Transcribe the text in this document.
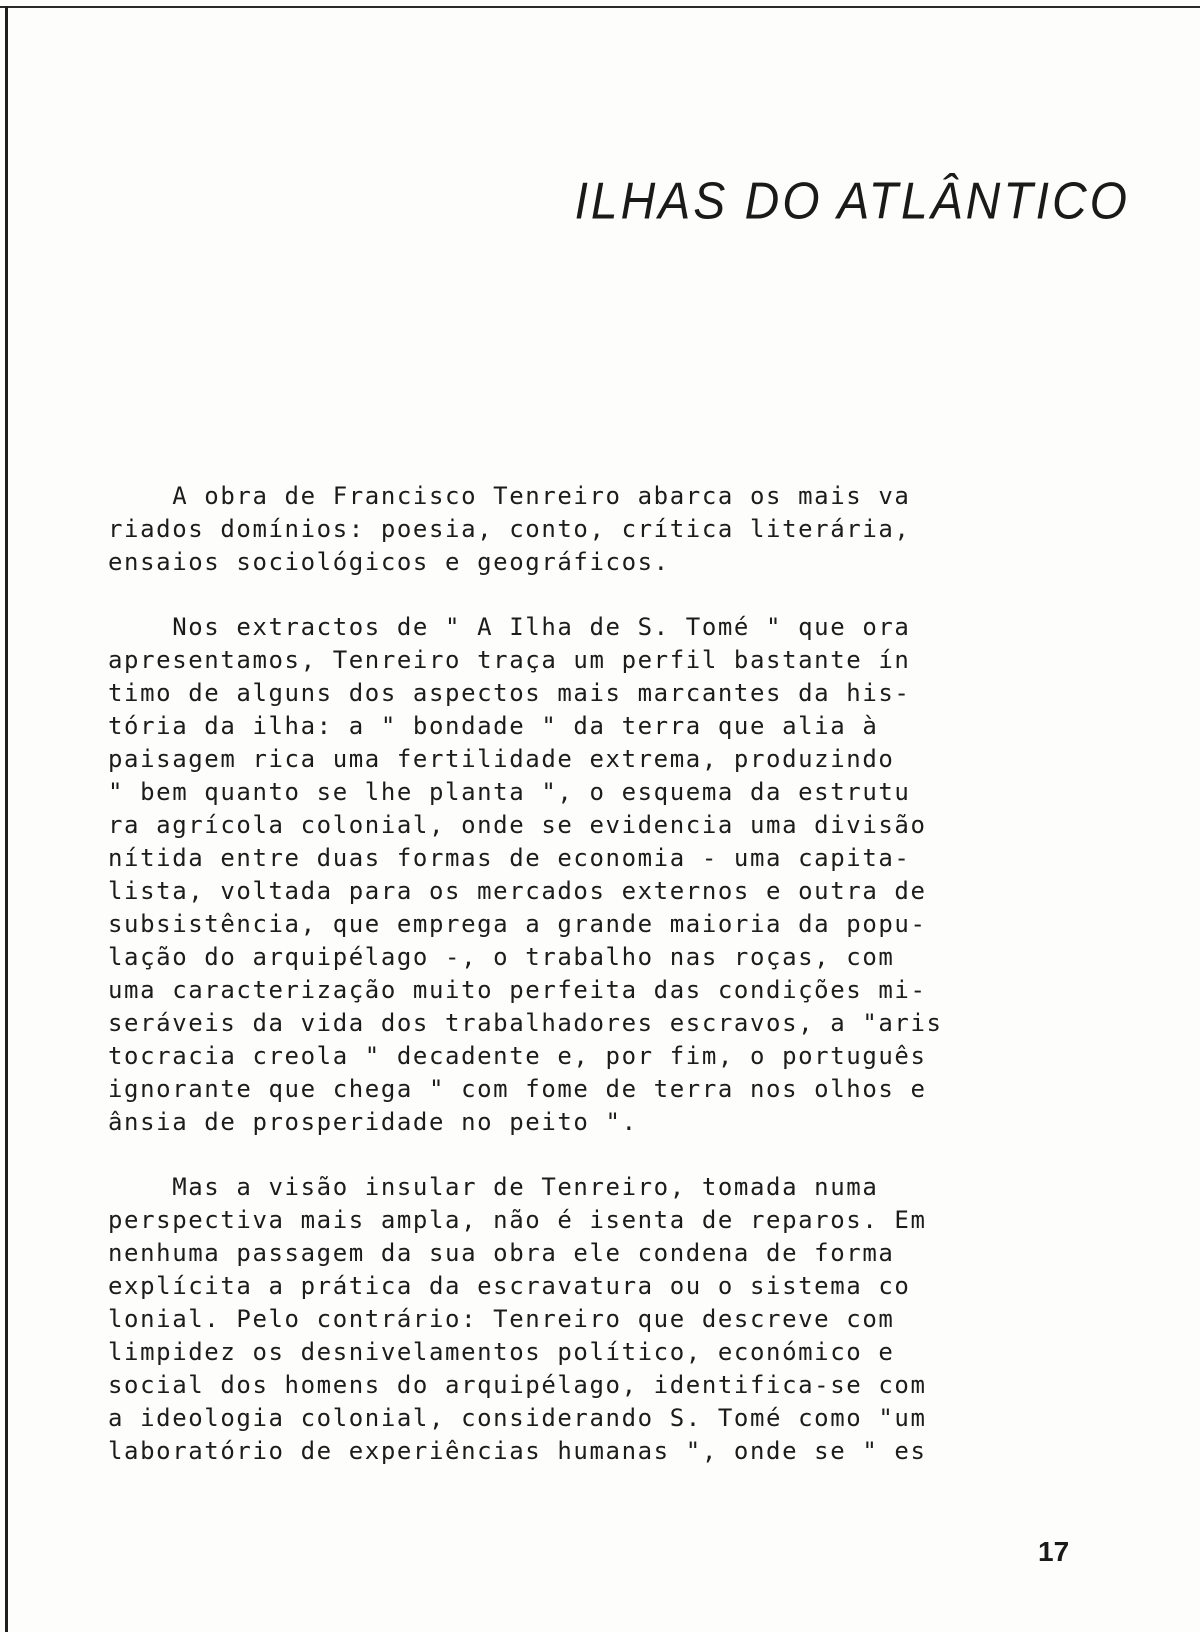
ILHAS DO ATLÂNTICO
A obra de Francisco Tenreiro abarca os mais va
riados domínios: poesia, conto, crítica literária,
ensaios sociológicos e geográficos.
Nos extractos de " A Ilha de S. Tomé " que ora
apresentamos, Tenreiro traça um perfil bastante ín
timo de alguns dos aspectos mais marcantes da his-
tória da ilha: a " bondade " da terra que alia à
paisagem rica uma fertilidade extrema, produzindo
" bem quanto se lhe planta ", o esquema da estrutu
ra agrícola colonial, onde se evidencia uma divisão
nítida entre duas formas de economia - uma capita-
lista, voltada para os mercados externos e outra de
subsistência, que emprega a grande maioria da popu-
lação do arquipélago -, o trabalho nas roças, com
uma caracterização muito perfeita das condições mi-
seráveis da vida dos trabalhadores escravos, a "aris
tocracia creola " decadente e, por fim, o português
ignorante que chega " com fome de terra nos olhos e
ânsia de prosperidade no peito ".
Mas a visão insular de Tenreiro, tomada numa
perspectiva mais ampla, não é isenta de reparos. Em
nenhuma passagem da sua obra ele condena de forma
explícita a prática da escravatura ou o sistema co
lonial. Pelo contrário: Tenreiro que descreve com
limpidez os desnivelamentos político, económico e
social dos homens do arquipélago, identifica-se com
a ideologia colonial, considerando S. Tomé como "um
laboratório de experiências humanas ", onde se " es
17
